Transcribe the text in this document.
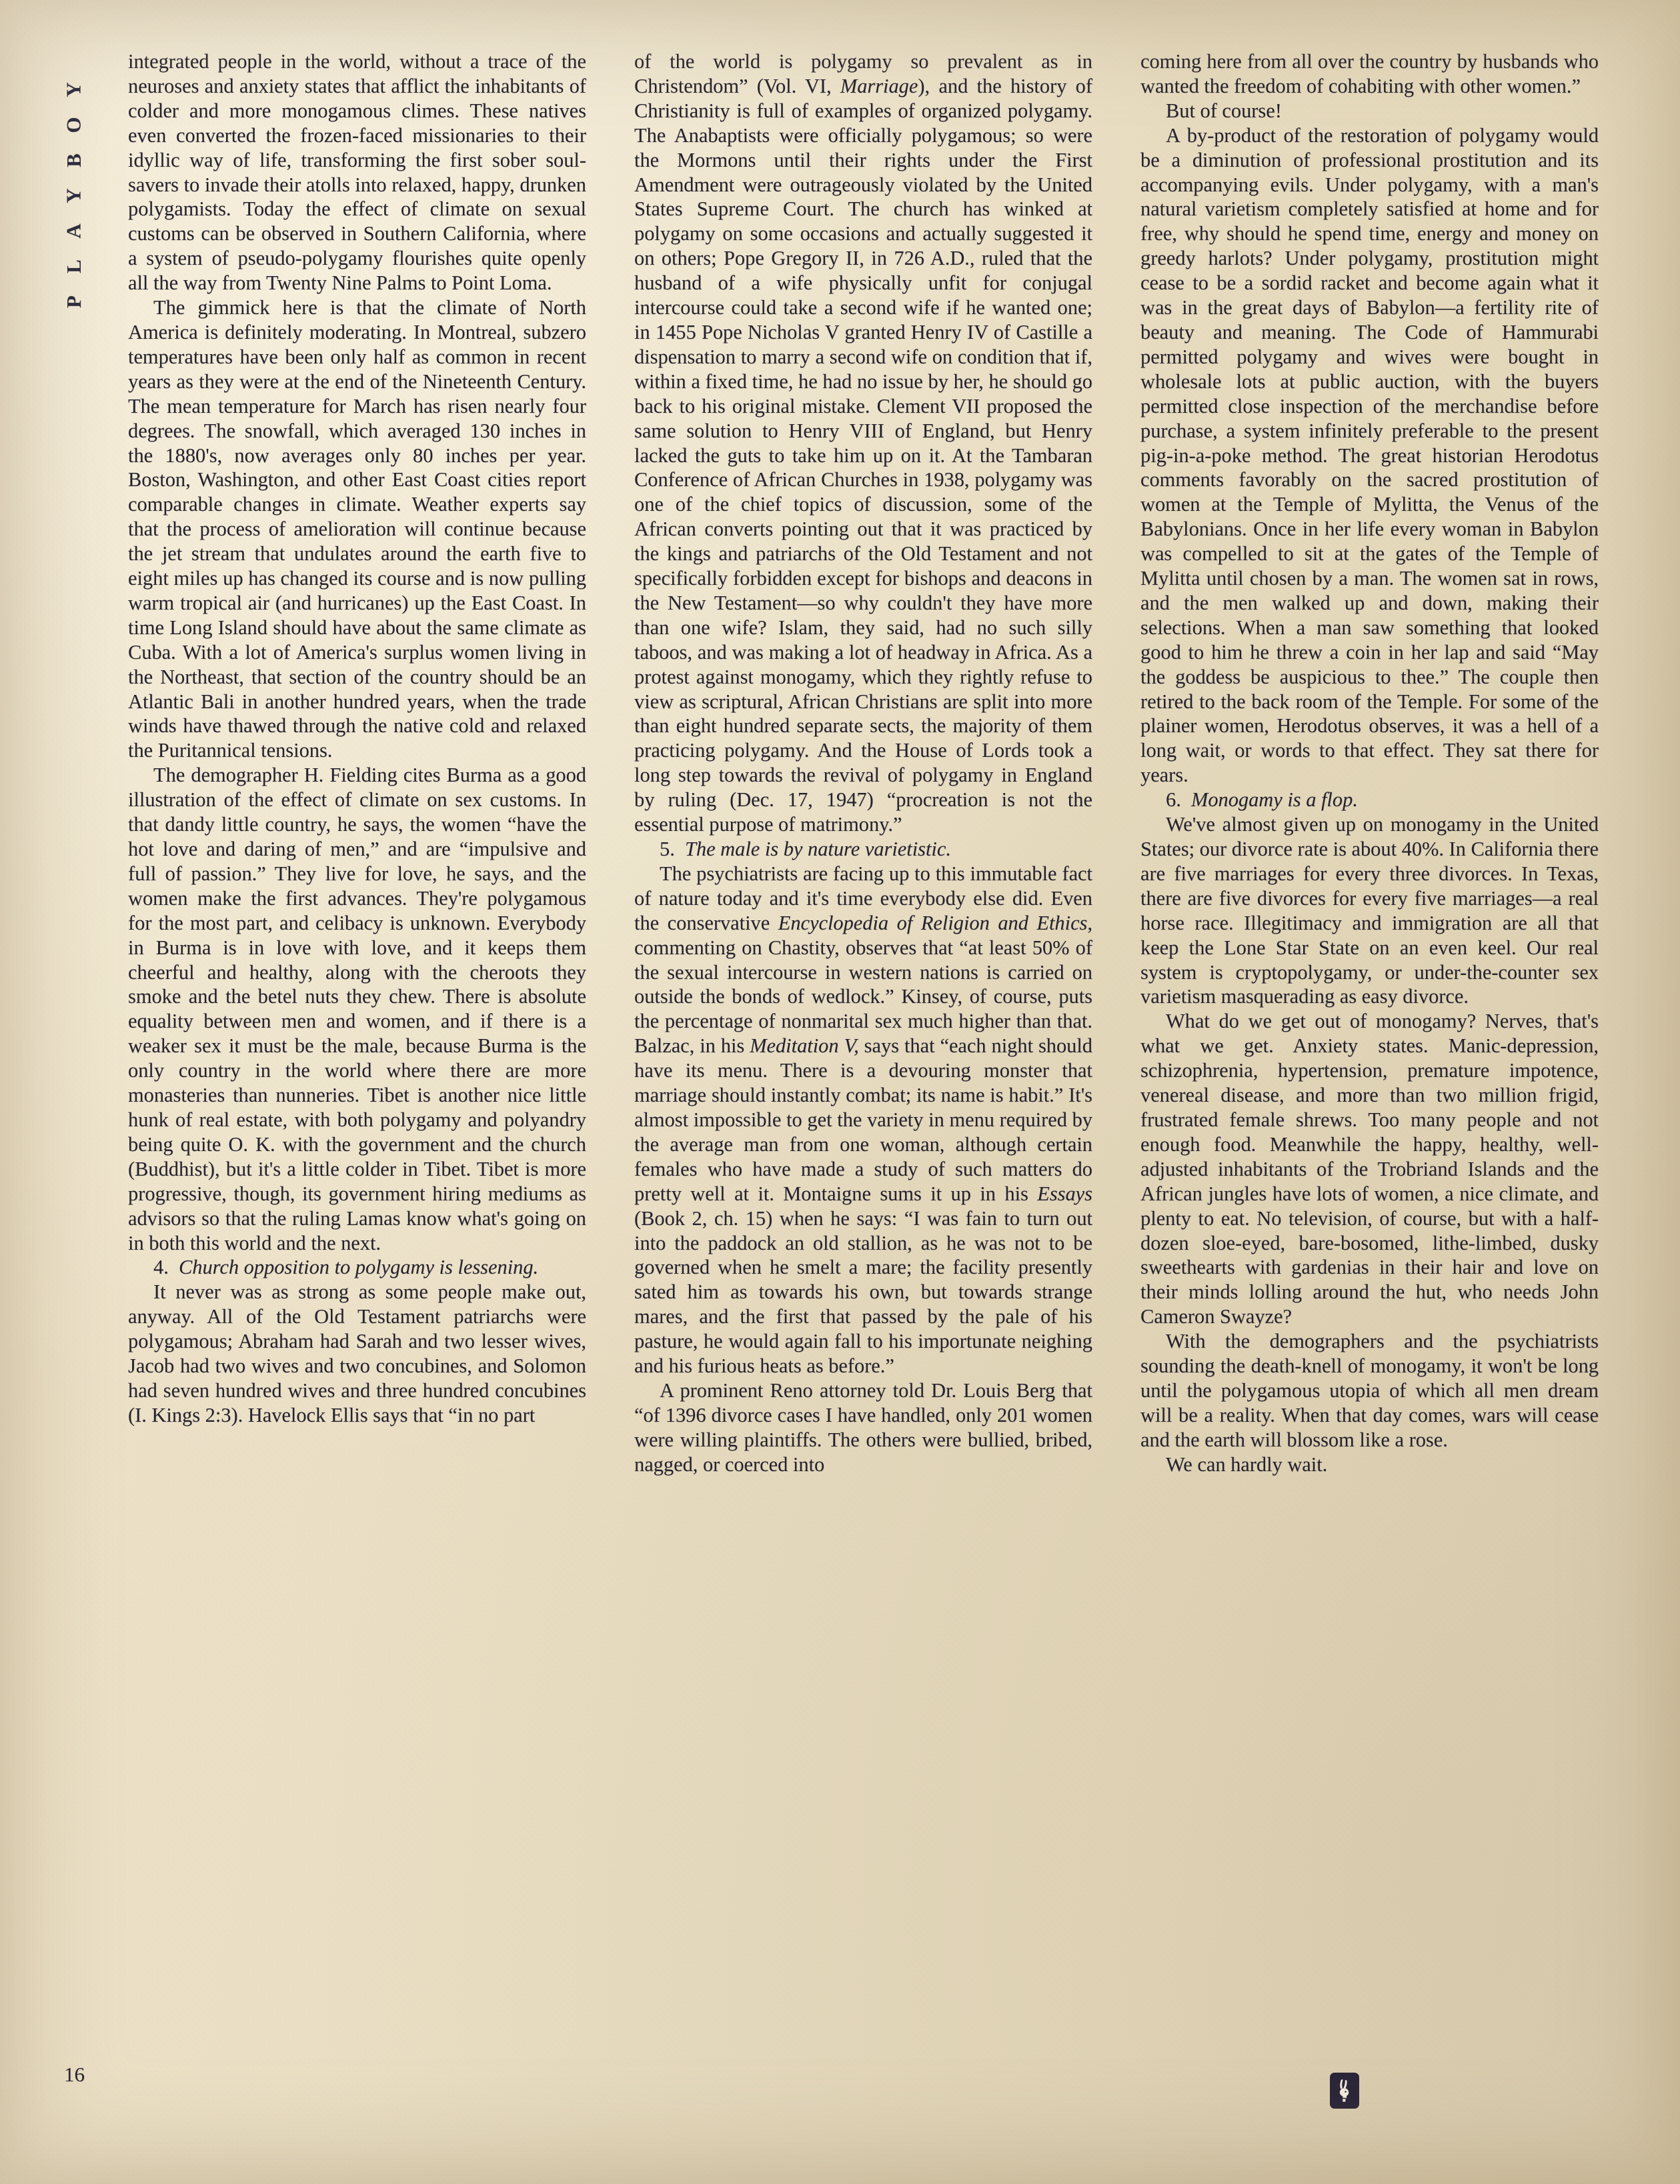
P
L
A
Y
B
O
Y

integrated people in the world, without a trace of the neuroses and anxiety states that afflict the inhabitants of colder and more monogamous climes. These natives even converted the frozen-faced missionaries to their idyllic way of life, transforming the first sober soul-savers to invade their atolls into relaxed, happy, drunken polygamists. Today the effect of climate on sexual customs can be observed in Southern California, where a system of pseudo-polygamy flourishes quite openly all the way from Twenty Nine Palms to Point Loma.

The gimmick here is that the climate of North America is definitely moderating. In Montreal, subzero temperatures have been only half as common in recent years as they were at the end of the Nineteenth Century. The mean temperature for March has risen nearly four degrees. The snowfall, which averaged 130 inches in the 1880's, now averages only 80 inches per year. Boston, Washington, and other East Coast cities report comparable changes in climate. Weather experts say that the process of amelioration will continue because the jet stream that undulates around the earth five to eight miles up has changed its course and is now pulling warm tropical air (and hurricanes) up the East Coast. In time Long Island should have about the same climate as Cuba. With a lot of America's surplus women living in the Northeast, that section of the country should be an Atlantic Bali in another hundred years, when the trade winds have thawed through the native cold and relaxed the Puritannical tensions.

The demographer H. Fielding cites Burma as a good illustration of the effect of climate on sex customs. In that dandy little country, he says, the women “have the hot love and daring of men,” and are “impulsive and full of passion.” They live for love, he says, and the women make the first advances. They're polygamous for the most part, and celibacy is unknown. Everybody in Burma is in love with love, and it keeps them cheerful and healthy, along with the cheroots they smoke and the betel nuts they chew. There is absolute equality between men and women, and if there is a weaker sex it must be the male, because Burma is the only country in the world where there are more monasteries than nunneries. Tibet is another nice little hunk of real estate, with both polygamy and polyandry being quite O. K. with the government and the church (Buddhist), but it's a little colder in Tibet. Tibet is more progressive, though, its government hiring mediums as advisors so that the ruling Lamas know what's going on in both this world and the next.

4. Church opposition to polygamy is lessening.

It never was as strong as some people make out, anyway. All of the Old Testament patriarchs were polygamous; Abraham had Sarah and two lesser wives, Jacob had two wives and two concubines, and Solomon had seven hundred wives and three hundred concubines (I. Kings 2:3). Havelock Ellis says that “in no part

of the world is polygamy so prevalent as in Christendom” (Vol. VI, Marriage), and the history of Christianity is full of examples of organized polygamy. The Anabaptists were officially polygamous; so were the Mormons until their rights under the First Amendment were outrageously violated by the United States Supreme Court. The church has winked at polygamy on some occasions and actually suggested it on others; Pope Gregory II, in 726 A.D., ruled that the husband of a wife physically unfit for conjugal intercourse could take a second wife if he wanted one; in 1455 Pope Nicholas V granted Henry IV of Castille a dispensation to marry a second wife on condition that if, within a fixed time, he had no issue by her, he should go back to his original mistake. Clement VII proposed the same solution to Henry VIII of England, but Henry lacked the guts to take him up on it. At the Tambaran Conference of African Churches in 1938, polygamy was one of the chief topics of discussion, some of the African converts pointing out that it was practiced by the kings and patriarchs of the Old Testament and not specifically forbidden except for bishops and deacons in the New Testament—so why couldn't they have more than one wife? Islam, they said, had no such silly taboos, and was making a lot of headway in Africa. As a protest against monogamy, which they rightly refuse to view as scriptural, African Christians are split into more than eight hundred separate sects, the majority of them practicing polygamy. And the House of Lords took a long step towards the revival of polygamy in England by ruling (Dec. 17, 1947) “procreation is not the essential purpose of matrimony.”

5. The male is by nature varietistic.

The psychiatrists are facing up to this immutable fact of nature today and it's time everybody else did. Even the conservative Encyclopedia of Religion and Ethics, commenting on Chastity, observes that “at least 50% of the sexual intercourse in western nations is carried on outside the bonds of wedlock.” Kinsey, of course, puts the percentage of nonmarital sex much higher than that. Balzac, in his Meditation V, says that “each night should have its menu. There is a devouring monster that marriage should instantly combat; its name is habit.” It's almost impossible to get the variety in menu required by the average man from one woman, although certain females who have made a study of such matters do pretty well at it. Montaigne sums it up in his Essays (Book 2, ch. 15) when he says: “I was fain to turn out into the paddock an old stallion, as he was not to be governed when he smelt a mare; the facility presently sated him as towards his own, but towards strange mares, and the first that passed by the pale of his pasture, he would again fall to his importunate neighing and his furious heats as before.”

A prominent Reno attorney told Dr. Louis Berg that “of 1396 divorce cases I have handled, only 201 women were willing plaintiffs. The others were bullied, bribed, nagged, or coerced into

coming here from all over the country by husbands who wanted the freedom of cohabiting with other women.”

But of course!

A by-product of the restoration of polygamy would be a diminution of professional prostitution and its accompanying evils. Under polygamy, with a man's natural varietism completely satisfied at home and for free, why should he spend time, energy and money on greedy harlots? Under polygamy, prostitution might cease to be a sordid racket and become again what it was in the great days of Babylon—a fertility rite of beauty and meaning. The Code of Hammurabi permitted polygamy and wives were bought in wholesale lots at public auction, with the buyers permitted close inspection of the merchandise before purchase, a system infinitely preferable to the present pig-in-a-poke method. The great historian Herodotus comments favorably on the sacred prostitution of women at the Temple of Mylitta, the Venus of the Babylonians. Once in her life every woman in Babylon was compelled to sit at the gates of the Temple of Mylitta until chosen by a man. The women sat in rows, and the men walked up and down, making their selections. When a man saw something that looked good to him he threw a coin in her lap and said “May the goddess be auspicious to thee.” The couple then retired to the back room of the Temple. For some of the plainer women, Herodotus observes, it was a hell of a long wait, or words to that effect. They sat there for years.

6. Monogamy is a flop.

We've almost given up on monogamy in the United States; our divorce rate is about 40%. In California there are five marriages for every three divorces. In Texas, there are five divorces for every five marriages—a real horse race. Illegitimacy and immigration are all that keep the Lone Star State on an even keel. Our real system is cryptopolygamy, or under-the-counter sex varietism masquerading as easy divorce.

What do we get out of monogamy? Nerves, that's what we get. Anxiety states. Manic-depression, schizophrenia, hypertension, premature impotence, venereal disease, and more than two million frigid, frustrated female shrews. Too many people and not enough food. Meanwhile the happy, healthy, well-adjusted inhabitants of the Trobriand Islands and the African jungles have lots of women, a nice climate, and plenty to eat. No television, of course, but with a half-dozen sloe-eyed, bare-bosomed, lithe-limbed, dusky sweethearts with gardenias in their hair and love on their minds lolling around the hut, who needs John Cameron Swayze?

With the demographers and the psychiatrists sounding the death-knell of monogamy, it won't be long until the polygamous utopia of which all men dream will be a reality. When that day comes, wars will cease and the earth will blossom like a rose.

We can hardly wait.

16
